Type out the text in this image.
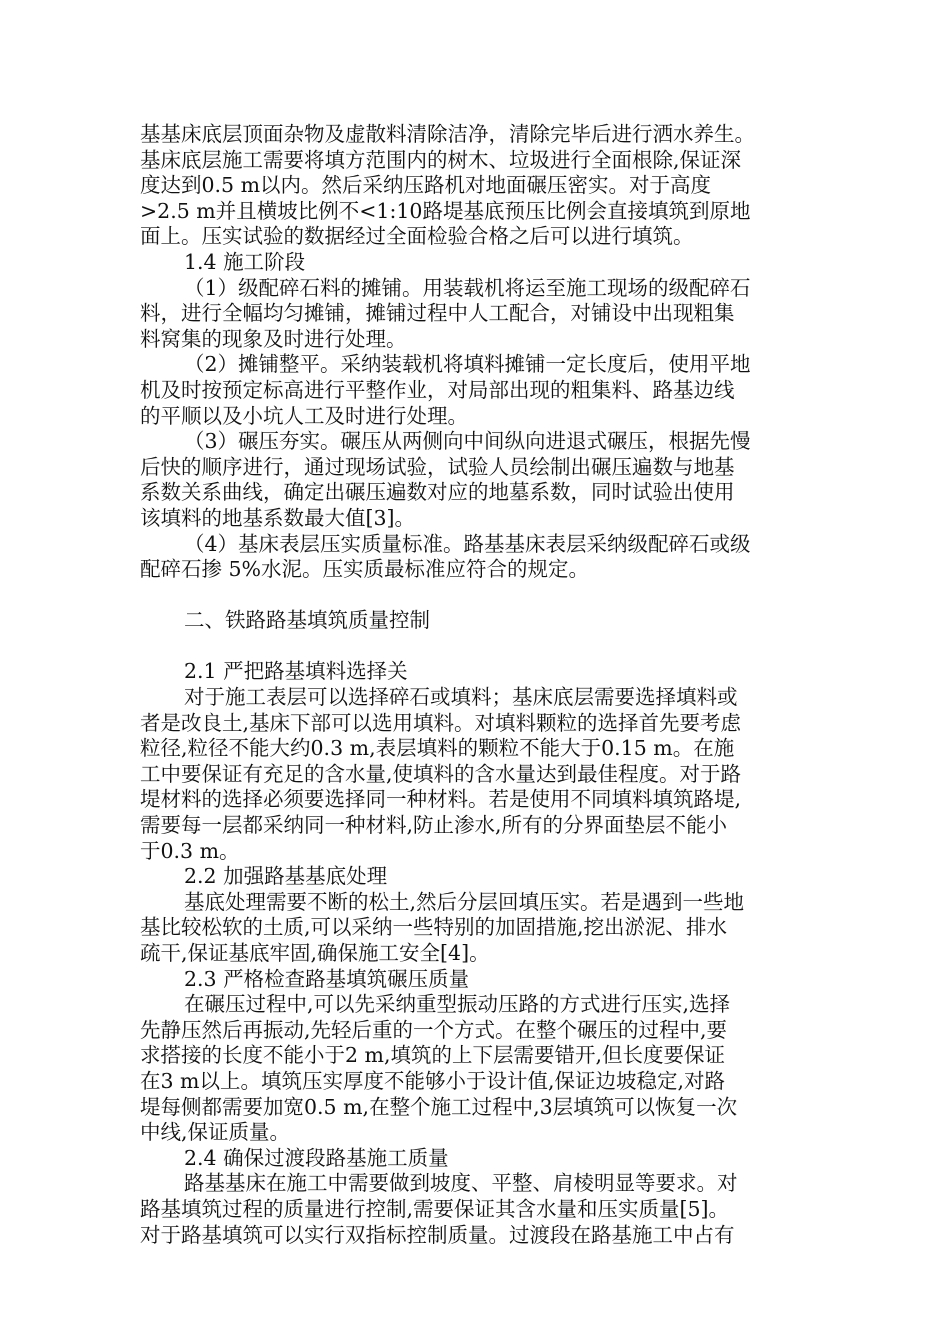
基基床底层顶面杂物及虚散料清除洁净，清除完毕后进行洒水养生。
基床底层施工需要将填方范围内的树木、垃圾进行全面根除,保证深
度达到0.5 m以内。然后采纳压路机对地面碾压密实。对于高度
>2.5 m并且横坡比例不<1:10路堤基底预压比例会直接填筑到原地
面上。压实试验的数据经过全面检验合格之后可以进行填筑。
1.4 施工阶段
（1）级配碎石料的摊铺。用装载机将运至施工现场的级配碎石
料，进行全幅均匀摊铺，摊铺过程中人工配合，对铺设中出现粗集
料窝集的现象及时进行处理。
（2）摊铺整平。采纳装载机将填料摊铺一定长度后，使用平地
机及时按预定标高进行平整作业，对局部出现的粗集料、路基边线
的平顺以及小坑人工及时进行处理。
（3）碾压夯实。碾压从两侧向中间纵向进退式碾压，根据先慢
后快的顺序进行，通过现场试验，试验人员绘制出碾压遍数与地基
系数关系曲线，确定出碾压遍数对应的地墓系数，同时试验出使用
该填料的地基系数最大值[3]。
（4）基床表层压实质量标准。路基基床表层采纳级配碎石或级
配碎石掺 5%水泥。压实质最标准应符合的规定。
二、铁路路基填筑质量控制
2.1 严把路基填料选择关
对于施工表层可以选择碎石或填料；基床底层需要选择填料或
者是改良土,基床下部可以选用填料。对填料颗粒的选择首先要考虑
粒径,粒径不能大约0.3 m,表层填料的颗粒不能大于0.15 m。在施
工中要保证有充足的含水量,使填料的含水量达到最佳程度。对于路
堤材料的选择必须要选择同一种材料。若是使用不同填料填筑路堤,
需要每一层都采纳同一种材料,防止渗水,所有的分界面垫层不能小
于0.3 m。
2.2 加强路基基底处理
基底处理需要不断的松土,然后分层回填压实。若是遇到一些地
基比较松软的土质,可以采纳一些特别的加固措施,挖出淤泥、排水
疏干,保证基底牢固,确保施工安全[4]。
2.3 严格检查路基填筑碾压质量
在碾压过程中,可以先采纳重型振动压路的方式进行压实,选择
先静压然后再振动,先轻后重的一个方式。在整个碾压的过程中,要
求搭接的长度不能小于2 m,填筑的上下层需要错开,但长度要保证
在3 m以上。填筑压实厚度不能够小于设计值,保证边坡稳定,对路
堤每侧都需要加宽0.5 m,在整个施工过程中,3层填筑可以恢复一次
中线,保证质量。
2.4 确保过渡段路基施工质量
路基基床在施工中需要做到坡度、平整、肩棱明显等要求。对
路基填筑过程的质量进行控制,需要保证其含水量和压实质量[5]。
对于路基填筑可以实行双指标控制质量。过渡段在路基施工中占有
